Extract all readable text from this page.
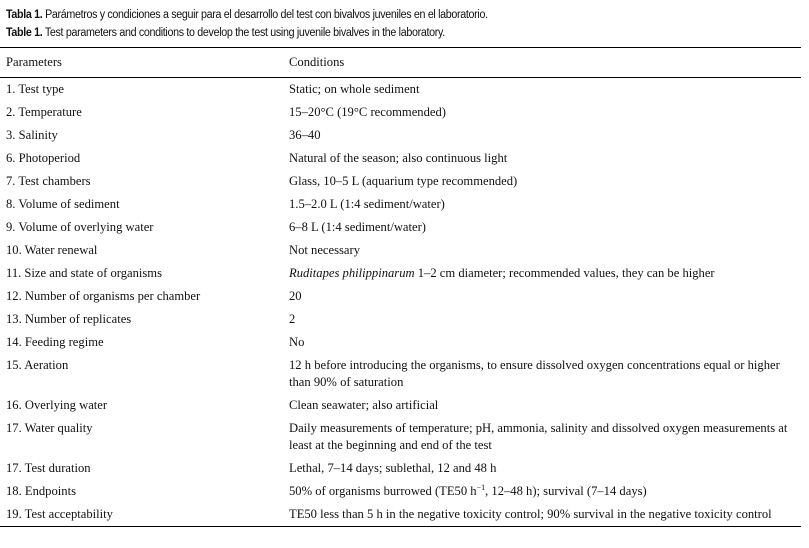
Tabla 1. Parámetros y condiciones a seguir para el desarrollo del test con bivalvos juveniles en el laboratorio.
Table 1. Test parameters and conditions to develop the test using juvenile bivalves in the laboratory.
Parameters	Conditions
1. Test type	Static; on whole sediment
2. Temperature	15–20°C (19°C recommended)
3. Salinity	36–40
6. Photoperiod	Natural of the season; also continuous light
7. Test chambers	Glass, 10–5 L (aquarium type recommended)
8. Volume of sediment	1.5–2.0 L (1:4 sediment/water)
9. Volume of overlying water	6–8 L (1:4 sediment/water)
10. Water renewal	Not necessary
11. Size and state of organisms	Ruditapes philippinarum 1–2 cm diameter; recommended values, they can be higher
12. Number of organisms per chamber	20
13. Number of replicates	2
14. Feeding regime	No
15. Aeration	12 h before introducing the organisms, to ensure dissolved oxygen concentrations equal or higher than 90% of saturation
16. Overlying water	Clean seawater; also artificial
17. Water quality	Daily measurements of temperature; pH, ammonia, salinity and dissolved oxygen measurements at least at the beginning and end of the test
17. Test duration	Lethal, 7–14 days; sublethal, 12 and 48 h
18. Endpoints	50% of organisms burrowed (TE50 $h^{-1}$, 12–48 h); survival (7–14 days)
19. Test acceptability	TE50 less than 5 h in the negative toxicity control; 90% survival in the negative toxicity control
